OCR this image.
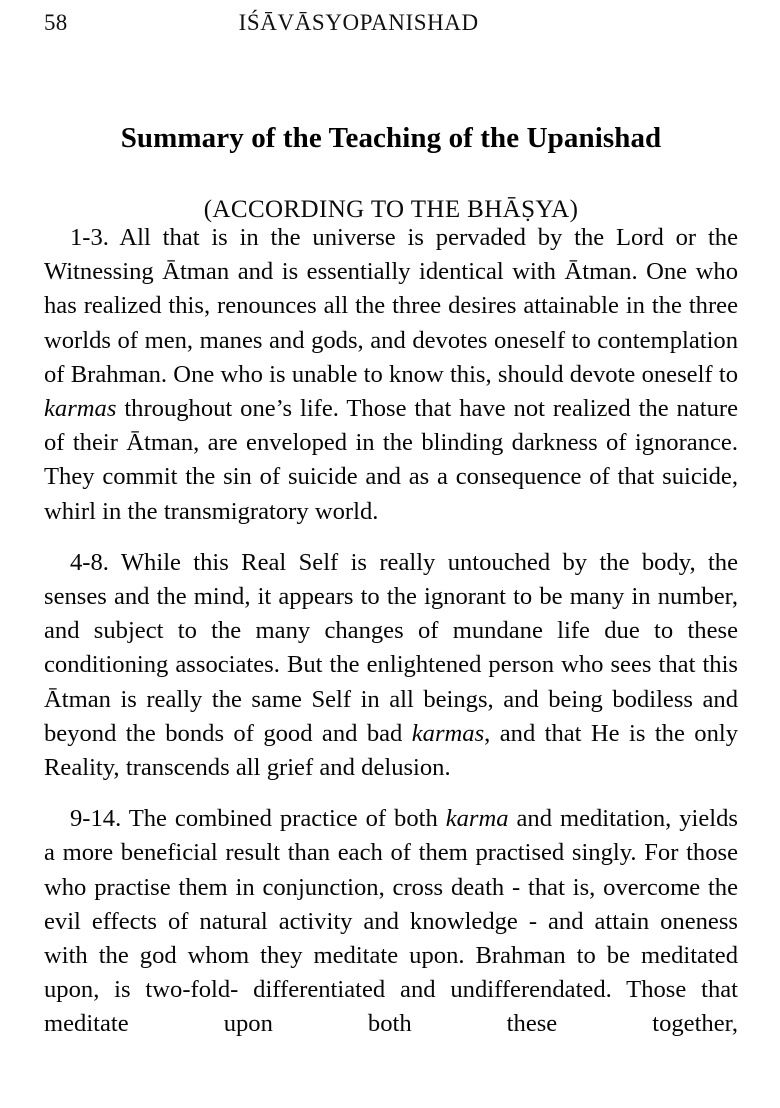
58	IŚĀVĀSYOPANISHAD
Summary of the Teaching of the Upanishad
(ACCORDING TO THE BHĀṢYA)

1-3. All that is in the universe is pervaded by the Lord or the Witnessing Ātman and is essentially identical with Ātman. One who has realized this, renounces all the three desires attainable in the three worlds of men, manes and gods, and devotes oneself to contemplation of Brahman. One who is unable to know this, should devote oneself to karmas throughout one’s life. Those that have not realized the nature of their Ātman, are enveloped in the blinding darkness of ignorance. They commit the sin of suicide and as a consequence of that suicide, whirl in the transmigratory world.

4-8. While this Real Self is really untouched by the body, the senses and the mind, it appears to the ignorant to be many in number, and subject to the many changes of mundane life due to these conditioning associates. But the enlightened person who sees that this Ātman is really the same Self in all beings, and being bodiless and beyond the bonds of good and bad karmas, and that He is the only Reality, transcends all grief and delusion.

9-14. The combined practice of both karma and meditation, yields a more beneficial result than each of them practised singly. For those who practise them in conjunction, cross death - that is, overcome the evil effects of natural activity and knowledge - and attain oneness with the god whom they meditate upon. Brahman to be meditated upon, is two-fold- differentiated and undifferendated. Those that meditate upon both these together,
